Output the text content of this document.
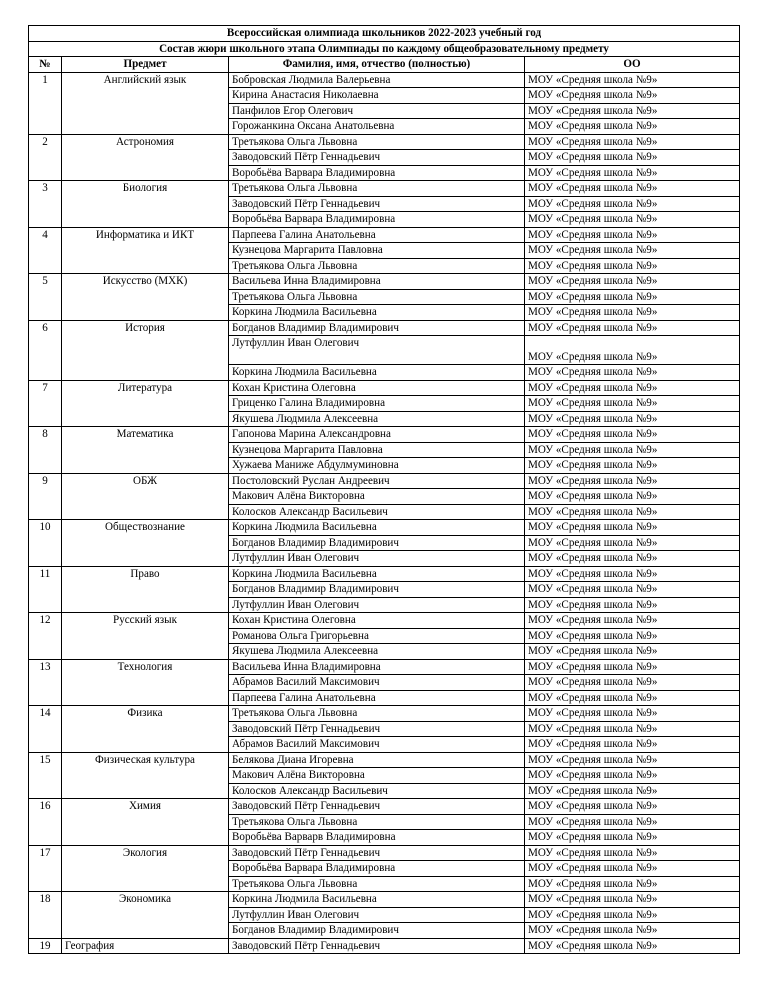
Всероссийская олимпиада школьников 2022-2023 учебный год			
Состав жюри школьного этапа Олимпиады по каждому общеобразовательному предмету			
№	Предмет	Фамилия, имя, отчество (полностью)	ОО
1	Английский язык	Бобровская Людмила Валерьевна	МОУ «Средняя школа №9»
		Кирина Анастасия Николаевна	МОУ «Средняя школа №9»
		Панфилов Егор Олегович	МОУ «Средняя школа №9»
		Горожанкина Оксана Анатольевна	МОУ «Средняя школа №9»
2	Астрономия	Третьякова Ольга Львовна	МОУ «Средняя школа №9»
		Заводовский Пётр Геннадьевич	МОУ «Средняя школа №9»
		Воробьёва Варвара Владимировна	МОУ «Средняя школа №9»
3	Биология	Третьякова Ольга Львовна	МОУ «Средняя школа №9»
		Заводовский Пётр Геннадьевич	МОУ «Средняя школа №9»
		Воробьёва Варвара Владимировна	МОУ «Средняя школа №9»
4	Информатика и ИКТ	Парпеева Галина Анатольевна	МОУ «Средняя школа №9»
		Кузнецова Маргарита Павловна	МОУ «Средняя школа №9»
		Третьякова Ольга Львовна	МОУ «Средняя школа №9»
5	Искусство (МХК)	Васильева Инна Владимировна	МОУ «Средняя школа №9»
		Третьякова Ольга Львовна	МОУ «Средняя школа №9»
		Коркина Людмила Васильевна	МОУ «Средняя школа №9»
6	История	Богданов Владимир Владимирович	МОУ «Средняя школа №9»
		Лутфуллин Иван Олегович	МОУ «Средняя школа №9»
		Коркина Людмила Васильевна	МОУ «Средняя школа №9»
7	Литература	Кохан Кристина Олеговна	МОУ «Средняя школа №9»
		Гриценко Галина Владимировна	МОУ «Средняя школа №9»
		Якушева Людмила Алексеевна	МОУ «Средняя школа №9»
8	Математика	Гапонова Марина Александровна	МОУ «Средняя школа №9»
		Кузнецова Маргарита Павловна	МОУ «Средняя школа №9»
		Хужаева Маниже Абдулмуминовна	МОУ «Средняя школа №9»
9	ОБЖ	Постоловский Руслан Андреевич	МОУ «Средняя школа №9»
		Макович Алёна Викторовна	МОУ «Средняя школа №9»
		Колосков Александр Васильевич	МОУ «Средняя школа №9»
10	Обществознание	Коркина Людмила Васильевна	МОУ «Средняя школа №9»
		Богданов Владимир Владимирович	МОУ «Средняя школа №9»
		Лутфуллин Иван Олегович	МОУ «Средняя школа №9»
11	Право	Коркина Людмила Васильевна	МОУ «Средняя школа №9»
		Богданов Владимир Владимирович	МОУ «Средняя школа №9»
		Лутфуллин Иван Олегович	МОУ «Средняя школа №9»
12	Русский язык	Кохан Кристина Олеговна	МОУ «Средняя школа №9»
		Романова Ольга Григорьевна	МОУ «Средняя школа №9»
		Якушева Людмила Алексеевна	МОУ «Средняя школа №9»
13	Технология	Васильева Инна Владимировна	МОУ «Средняя школа №9»
		Абрамов Василий Максимович	МОУ «Средняя школа №9»
		Парпеева Галина Анатольевна	МОУ «Средняя школа №9»
14	Физика	Третьякова Ольга Львовна	МОУ «Средняя школа №9»
		Заводовский Пётр Геннадьевич	МОУ «Средняя школа №9»
		Абрамов Василий Максимович	МОУ «Средняя школа №9»
15	Физическая культура	Белякова Диана Игоревна	МОУ «Средняя школа №9»
		Макович Алёна Викторовна	МОУ «Средняя школа №9»
		Колосков Александр Васильевич	МОУ «Средняя школа №9»
16	Химия	Заводовский Пётр Геннадьевич	МОУ «Средняя школа №9»
		Третьякова Ольга Львовна	МОУ «Средняя школа №9»
		Воробьёва Варварв Владимировна	МОУ «Средняя школа №9»
17	Экология	Заводовский Пётр Геннадьевич	МОУ «Средняя школа №9»
		Воробьёва Варвара Владимировна	МОУ «Средняя школа №9»
		Третьякова Ольга Львовна	МОУ «Средняя школа №9»
18	Экономика	Коркина Людмила Васильевна	МОУ «Средняя школа №9»
		Лутфуллин Иван Олегович	МОУ «Средняя школа №9»
		Богданов Владимир Владимирович	МОУ «Средняя школа №9»
19	География	Заводовский Пётр Геннадьевич	МОУ «Средняя школа №9»
